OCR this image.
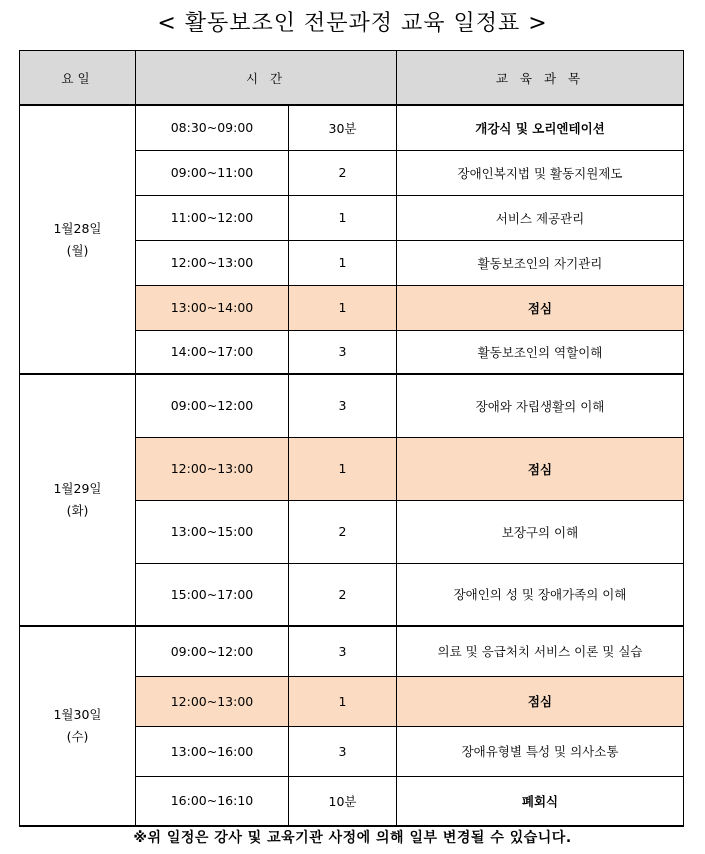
< 활동보조인 전문과정 교육 일정표 >
요일	시 간		교 육 과 목

1월28일
(월)	08:30~09:00	30분	개강식 및 오리엔테이션
	09:00~11:00	2	장애인복지법 및 활동지원제도
	11:00~12:00	1	서비스 제공관리
	12:00~13:00	1	활동보조인의 자기관리
	13:00~14:00	1	점심
	14:00~17:00	3	활동보조인의 역할이해

1월29일
(화)	09:00~12:00	3	장애와 자립생활의 이해
	12:00~13:00	1	점심
	13:00~15:00	2	보장구의 이해
	15:00~17:00	2	장애인의 성 및 장애가족의 이해

1월30일
(수)	09:00~12:00	3	의료 및 응급처치 서비스 이론 및 실습
	12:00~13:00	1	점심
	13:00~16:00	3	장애유형별 특성 및 의사소통
	16:00~16:10	10분	폐회식
※위 일정은 강사 및 교육기관 사정에 의해 일부 변경될 수 있습니다.
